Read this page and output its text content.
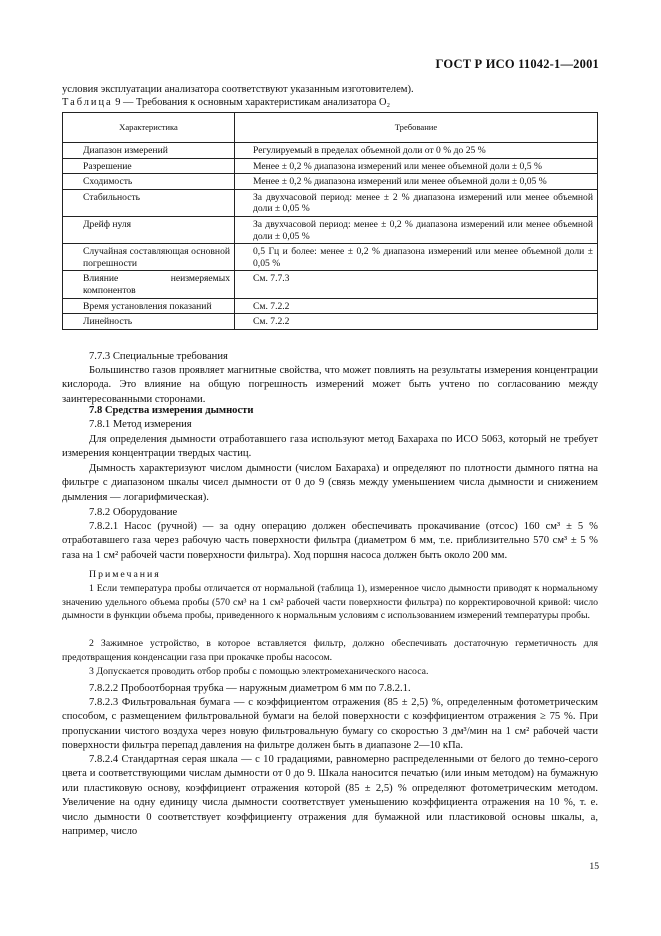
ГОСТ Р ИСО 11042-1—2001
условия эксплуатации анализатора соответствуют указанным изготовителем).
Таблица 9 — Требования к основным характеристикам анализатора O₂
Характеристика	Требование
Диапазон измерений	Регулируемый в пределах объемной доли от 0 % до 25 %
Разрешение	Менее ± 0,2 % диапазона измерений или менее объемной доли ± 0,5 %
Сходимость	Менее ± 0,2 % диапазона измерений или менее объемной доли ± 0,05 %
Стабильность	За двухчасовой период: менее ± 2 % диапазона измерений или менее объемной доли ± 0,05 %
Дрейф нуля	За двухчасовой период: менее ± 0,2 % диапазона измерений или менее объемной доли ± 0,05 %
Случайная составляющая основной погрешности	0,5 Гц и более: менее ± 0,2 % диапазона измерений или менее объемной доли ± 0,05 %
Влияние неизмеряемых компонентов	См. 7.7.3
Время установления показаний	См. 7.2.2
Линейность	См. 7.2.2
7.7.3 Специальные требования
Большинство газов проявляет магнитные свойства, что может повлиять на результаты измерения концентрации кислорода. Это влияние на общую погрешность измерений может быть учтено по согласованию между заинтересованными сторонами.
7.8 Средства измерения дымности
7.8.1 Метод измерения
Для определения дымности отработавшего газа используют метод Бахараха по ИСО 5063, который не требует измерения концентрации твердых частиц.
Дымность характеризуют числом дымности (числом Бахараха) и определяют по плотности дымного пятна на фильтре с диапазоном шкалы чисел дымности от 0 до 9 (связь между уменьшением числа дымности и снижением дымления — логарифмическая).
7.8.2 Оборудование
7.8.2.1 Насос (ручной) — за одну операцию должен обеспечивать прокачивание (отсос) 160 см³ ± 5 % отработавшего газа через рабочую часть поверхности фильтра (диаметром 6 мм, т.е. приблизительно 570 см³ ± 5 % газа на 1 см² рабочей части поверхности фильтра). Ход поршня насоса должен быть около 200 мм.
Примечания
1 Если температура пробы отличается от нормальной (таблица 1), измеренное число дымности приводят к нормальному значению удельного объема пробы (570 см³ на 1 см² рабочей части поверхности фильтра) по корректировочной кривой: число дымности в функции объема пробы, приведенного к нормальным условиям с использованием измерений температуры пробы.
2 Зажимное устройство, в которое вставляется фильтр, должно обеспечивать достаточную герметичность для предотвращения конденсации газа при прокачке пробы насосом.
3 Допускается проводить отбор пробы с помощью электромеханического насоса.
7.8.2.2 Пробоотборная трубка — наружным диаметром 6 мм по 7.8.2.1.
7.8.2.3 Фильтровальная бумага — с коэффициентом отражения (85 ± 2,5) %, определенным фотометрическим способом, с размещением фильтровальной бумаги на белой поверхности с коэффициентом отражения ≥ 75 %. При пропускании чистого воздуха через новую фильтровальную бумагу со скоростью 3 дм³/мин на 1 см² рабочей части поверхности фильтра перепад давления на фильтре должен быть в диапазоне 2—10 кПа.
7.8.2.4 Стандартная серая шкала — с 10 градациями, равномерно распределенными от белого до темно-серого цвета и соответствующими числам дымности от 0 до 9. Шкала наносится печатью (или иным методом) на бумажную или пластиковую основу, коэффициент отражения которой (85 ± 2,5) % определяют фотометрическим методом. Увеличение на одну единицу числа дымности соответствует уменьшению коэффициента отражения на 10 %, т. е. число дымности 0 соответствует коэффициенту отражения для бумажной или пластиковой основы шкалы, а, например, число
15
